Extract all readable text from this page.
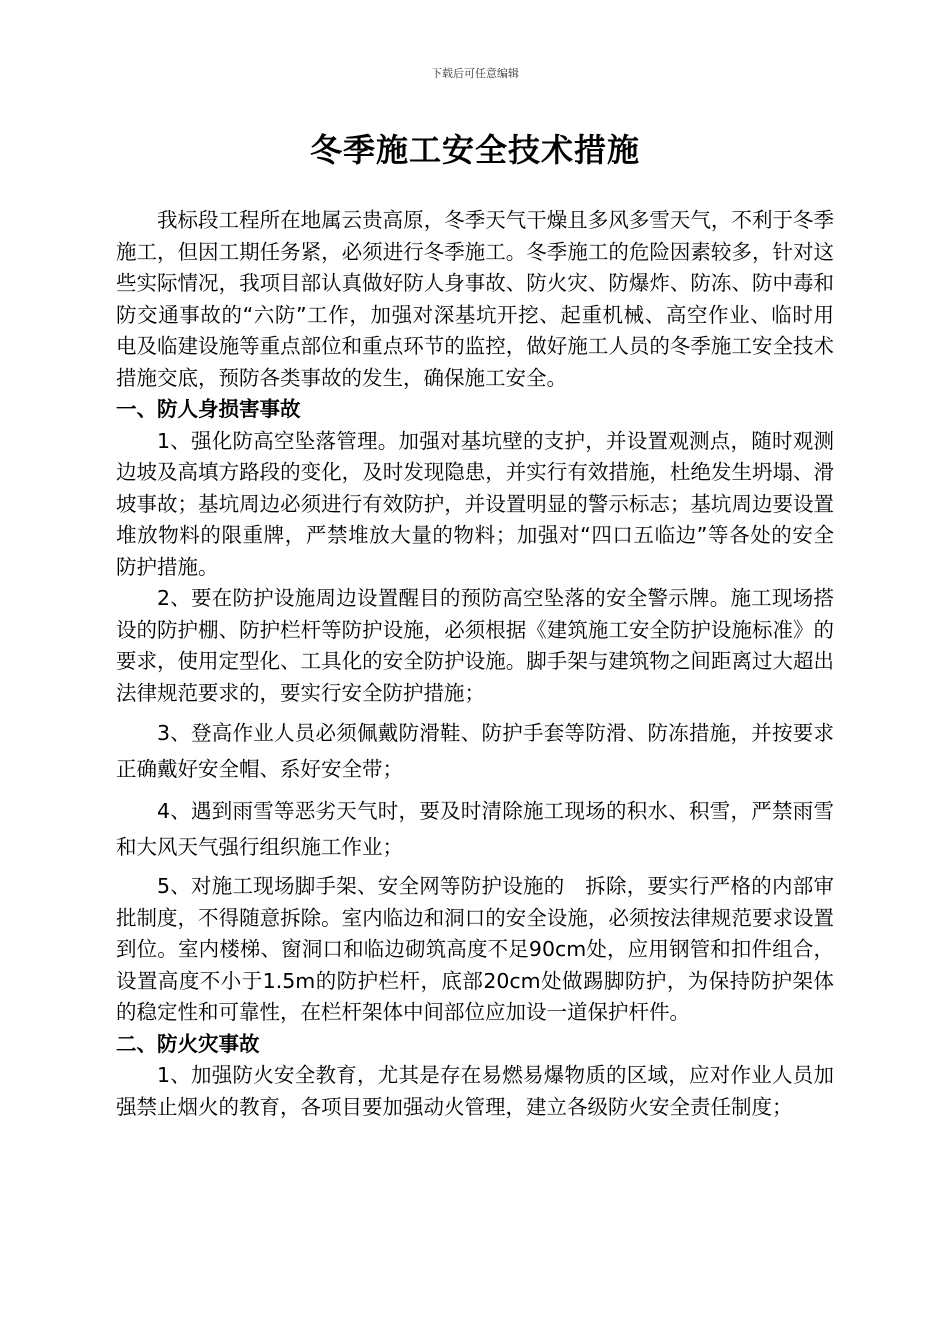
下载后可任意编辑
冬季施工安全技术措施

我标段工程所在地属云贵高原，冬季天气干燥且多风多雪天气，不利于冬季施工，但因工期任务紧，必须进行冬季施工。冬季施工的危险因素较多，针对这些实际情况，我项目部认真做好防人身事故、防火灾、防爆炸、防冻、防中毒和防交通事故的“六防”工作，加强对深基坑开挖、起重机械、高空作业、临时用电及临建设施等重点部位和重点环节的监控，做好施工人员的冬季施工安全技术措施交底，预防各类事故的发生，确保施工安全。

一、防人身损害事故

1、强化防高空坠落管理。加强对基坑壁的支护，并设置观测点，随时观测边坡及高填方路段的变化，及时发现隐患，并实行有效措施，杜绝发生坍塌、滑坡事故；基坑周边必须进行有效防护，并设置明显的警示标志；基坑周边要设置堆放物料的限重牌，严禁堆放大量的物料；加强对“四口五临边”等各处的安全防护措施。

2、要在防护设施周边设置醒目的预防高空坠落的安全警示牌。施工现场搭设的防护棚、防护栏杆等防护设施，必须根据《建筑施工安全防护设施标准》的要求，使用定型化、工具化的安全防护设施。脚手架与建筑物之间距离过大超出法律规范要求的，要实行安全防护措施；

3、登高作业人员必须佩戴防滑鞋、防护手套等防滑、防冻措施，并按要求正确戴好安全帽、系好安全带；

4、遇到雨雪等恶劣天气时，要及时清除施工现场的积水、积雪，严禁雨雪和大风天气强行组织施工作业；

5、对施工现场脚手架、安全网等防护设施的　拆除，要实行严格的内部审批制度，不得随意拆除。室内临边和洞口的安全设施，必须按法律规范要求设置到位。室内楼梯、窗洞口和临边砌筑高度不足90cm处，应用钢管和扣件组合，设置高度不小于1.5m的防护栏杆，底部20cm处做踢脚防护，为保持防护架体的稳定性和可靠性，在栏杆架体中间部位应加设一道保护杆件。

二、防火灾事故

1、加强防火安全教育，尤其是存在易燃易爆物质的区域，应对作业人员加强禁止烟火的教育，各项目要加强动火管理，建立各级防火安全责任制度；
